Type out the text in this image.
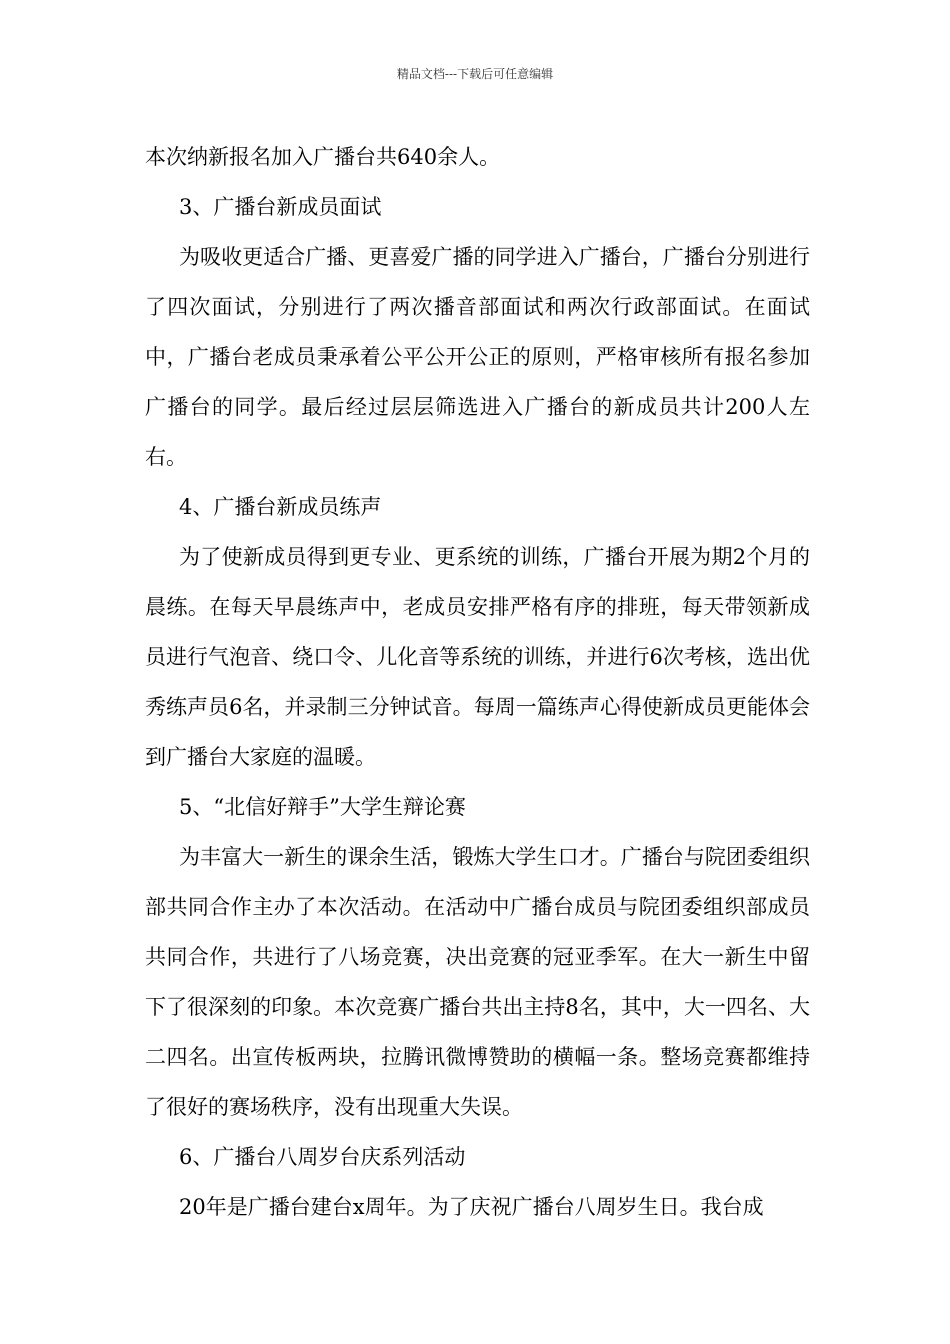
精品文档---下载后可任意编辑

本次纳新报名加入广播台共640余人。

3、广播台新成员面试

为吸收更适合广播、更喜爱广播的同学进入广播台，广播台分别进行了四次面试，分别进行了两次播音部面试和两次行政部面试。在面试中，广播台老成员秉承着公平公开公正的原则，严格审核所有报名参加广播台的同学。最后经过层层筛选进入广播台的新成员共计200人左右。

4、广播台新成员练声

为了使新成员得到更专业、更系统的训练，广播台开展为期2个月的晨练。在每天早晨练声中，老成员安排严格有序的排班，每天带领新成员进行气泡音、绕口令、儿化音等系统的训练，并进行6次考核，选出优秀练声员6名，并录制三分钟试音。每周一篇练声心得使新成员更能体会到广播台大家庭的温暖。

5、“北信好辩手”大学生辩论赛

为丰富大一新生的课余生活，锻炼大学生口才。广播台与院团委组织部共同合作主办了本次活动。在活动中广播台成员与院团委组织部成员共同合作，共进行了八场竞赛，决出竞赛的冠亚季军。在大一新生中留下了很深刻的印象。本次竞赛广播台共出主持8名，其中，大一四名、大二四名。出宣传板两块，拉腾讯微博赞助的横幅一条。整场竞赛都维持了很好的赛场秩序，没有出现重大失误。

6、广播台八周岁台庆系列活动

20年是广播台建台x周年。为了庆祝广播台八周岁生日。我台成
